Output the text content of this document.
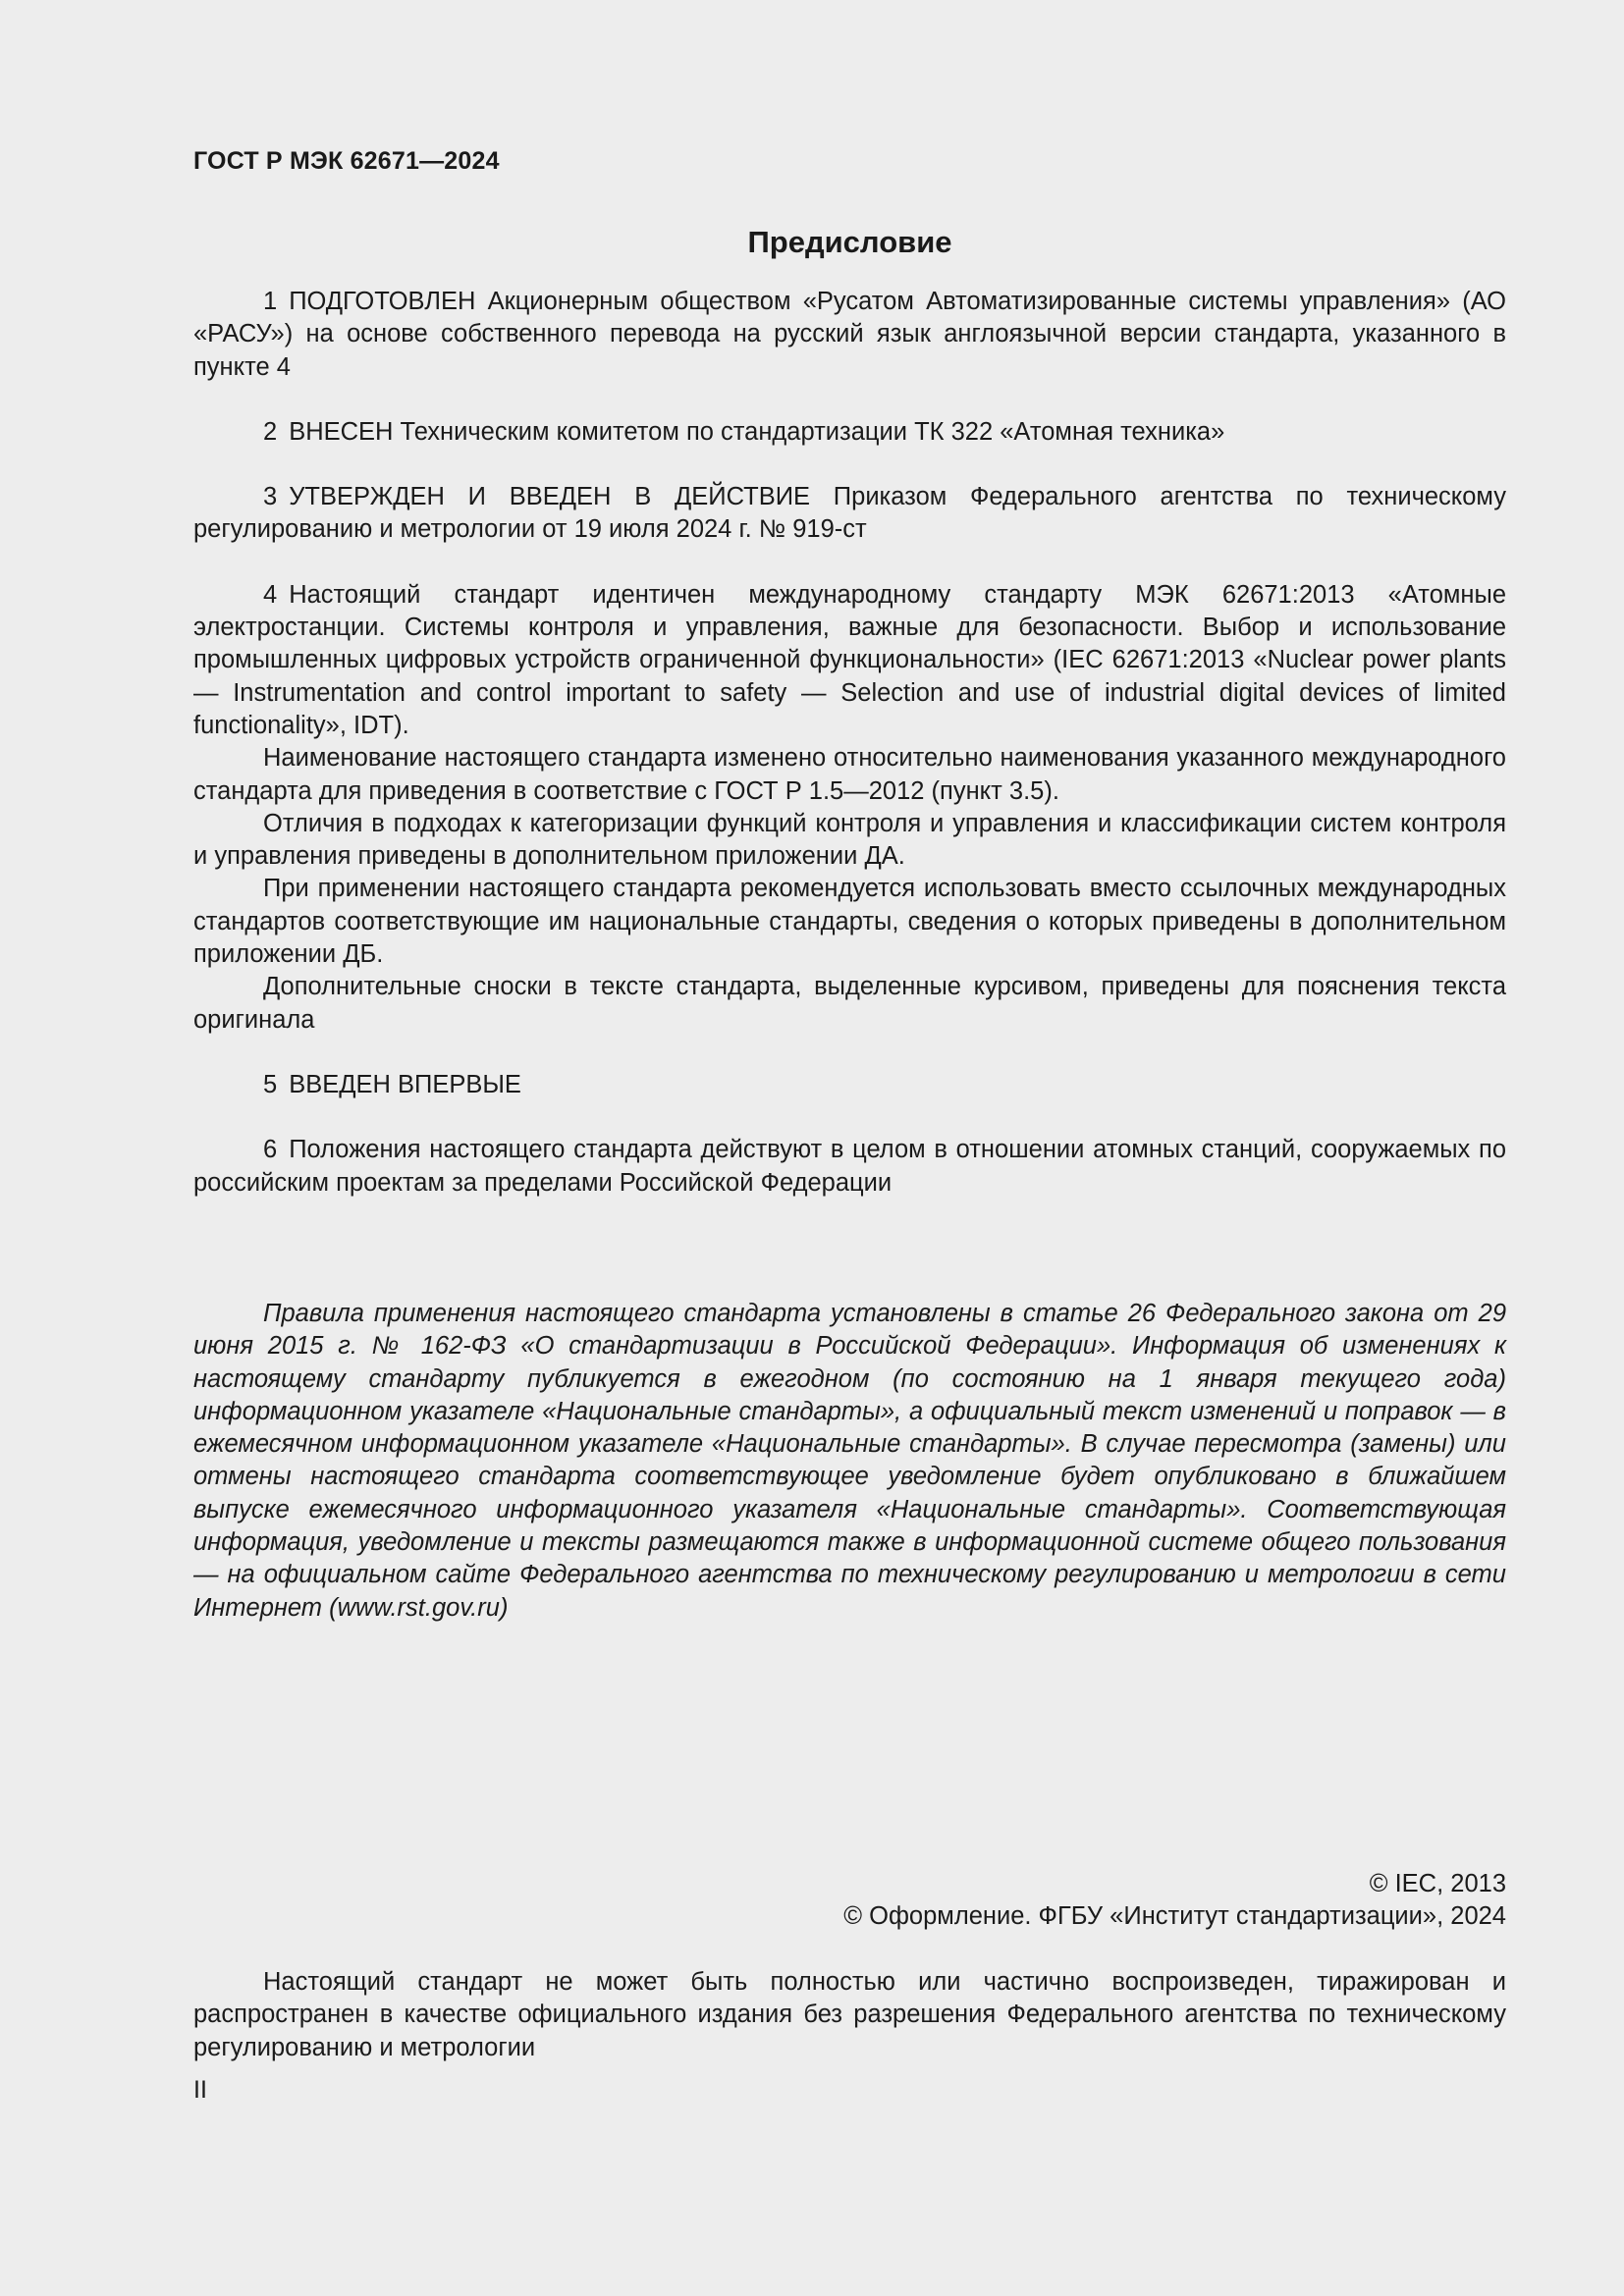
ГОСТ Р МЭК 62671—2024
Предисловие

1 ПОДГОТОВЛЕН Акционерным обществом «Русатом Автоматизированные системы управления» (АО «РАСУ») на основе собственного перевода на русский язык англоязычной версии стандарта, указанного в пункте 4

2 ВНЕСЕН Техническим комитетом по стандартизации ТК 322 «Атомная техника»

3 УТВЕРЖДЕН И ВВЕДЕН В ДЕЙСТВИЕ Приказом Федерального агентства по техническому регулированию и метрологии от 19 июля 2024 г. № 919-ст

4 Настоящий стандарт идентичен международному стандарту МЭК 62671:2013 «Атомные электростанции. Системы контроля и управления, важные для безопасности. Выбор и использование промышленных цифровых устройств ограниченной функциональности» (IEC 62671:2013 «Nuclear power plants — Instrumentation and control important to safety — Selection and use of industrial digital devices of limited functionality», IDT).

Наименование настоящего стандарта изменено относительно наименования указанного международного стандарта для приведения в соответствие с ГОСТ Р 1.5—2012 (пункт 3.5).

Отличия в подходах к категоризации функций контроля и управления и классификации систем контроля и управления приведены в дополнительном приложении ДА.

При применении настоящего стандарта рекомендуется использовать вместо ссылочных международных стандартов соответствующие им национальные стандарты, сведения о которых приведены в дополнительном приложении ДБ.

Дополнительные сноски в тексте стандарта, выделенные курсивом, приведены для пояснения текста оригинала

5 ВВЕДЕН ВПЕРВЫЕ

6 Положения настоящего стандарта действуют в целом в отношении атомных станций, сооружаемых по российским проектам за пределами Российской Федерации

Правила применения настоящего стандарта установлены в статье 26 Федерального закона от 29 июня 2015 г. № 162-ФЗ «О стандартизации в Российской Федерации». Информация об изменениях к настоящему стандарту публикуется в ежегодном (по состоянию на 1 января текущего года) информационном указателе «Национальные стандарты», а официальный текст изменений и поправок — в ежемесячном информационном указателе «Национальные стандарты». В случае пересмотра (замены) или отмены настоящего стандарта соответствующее уведомление будет опубликовано в ближайшем выпуске ежемесячного информационного указателя «Национальные стандарты». Соответствующая информация, уведомление и тексты размещаются также в информационной системе общего пользования — на официальном сайте Федерального агентства по техническому регулированию и метрологии в сети Интернет (www.rst.gov.ru)

© IEC, 2013
© Оформление. ФГБУ «Институт стандартизации», 2024

Настоящий стандарт не может быть полностью или частично воспроизведен, тиражирован и распространен в качестве официального издания без разрешения Федерального агентства по техническому регулированию и метрологии

II
